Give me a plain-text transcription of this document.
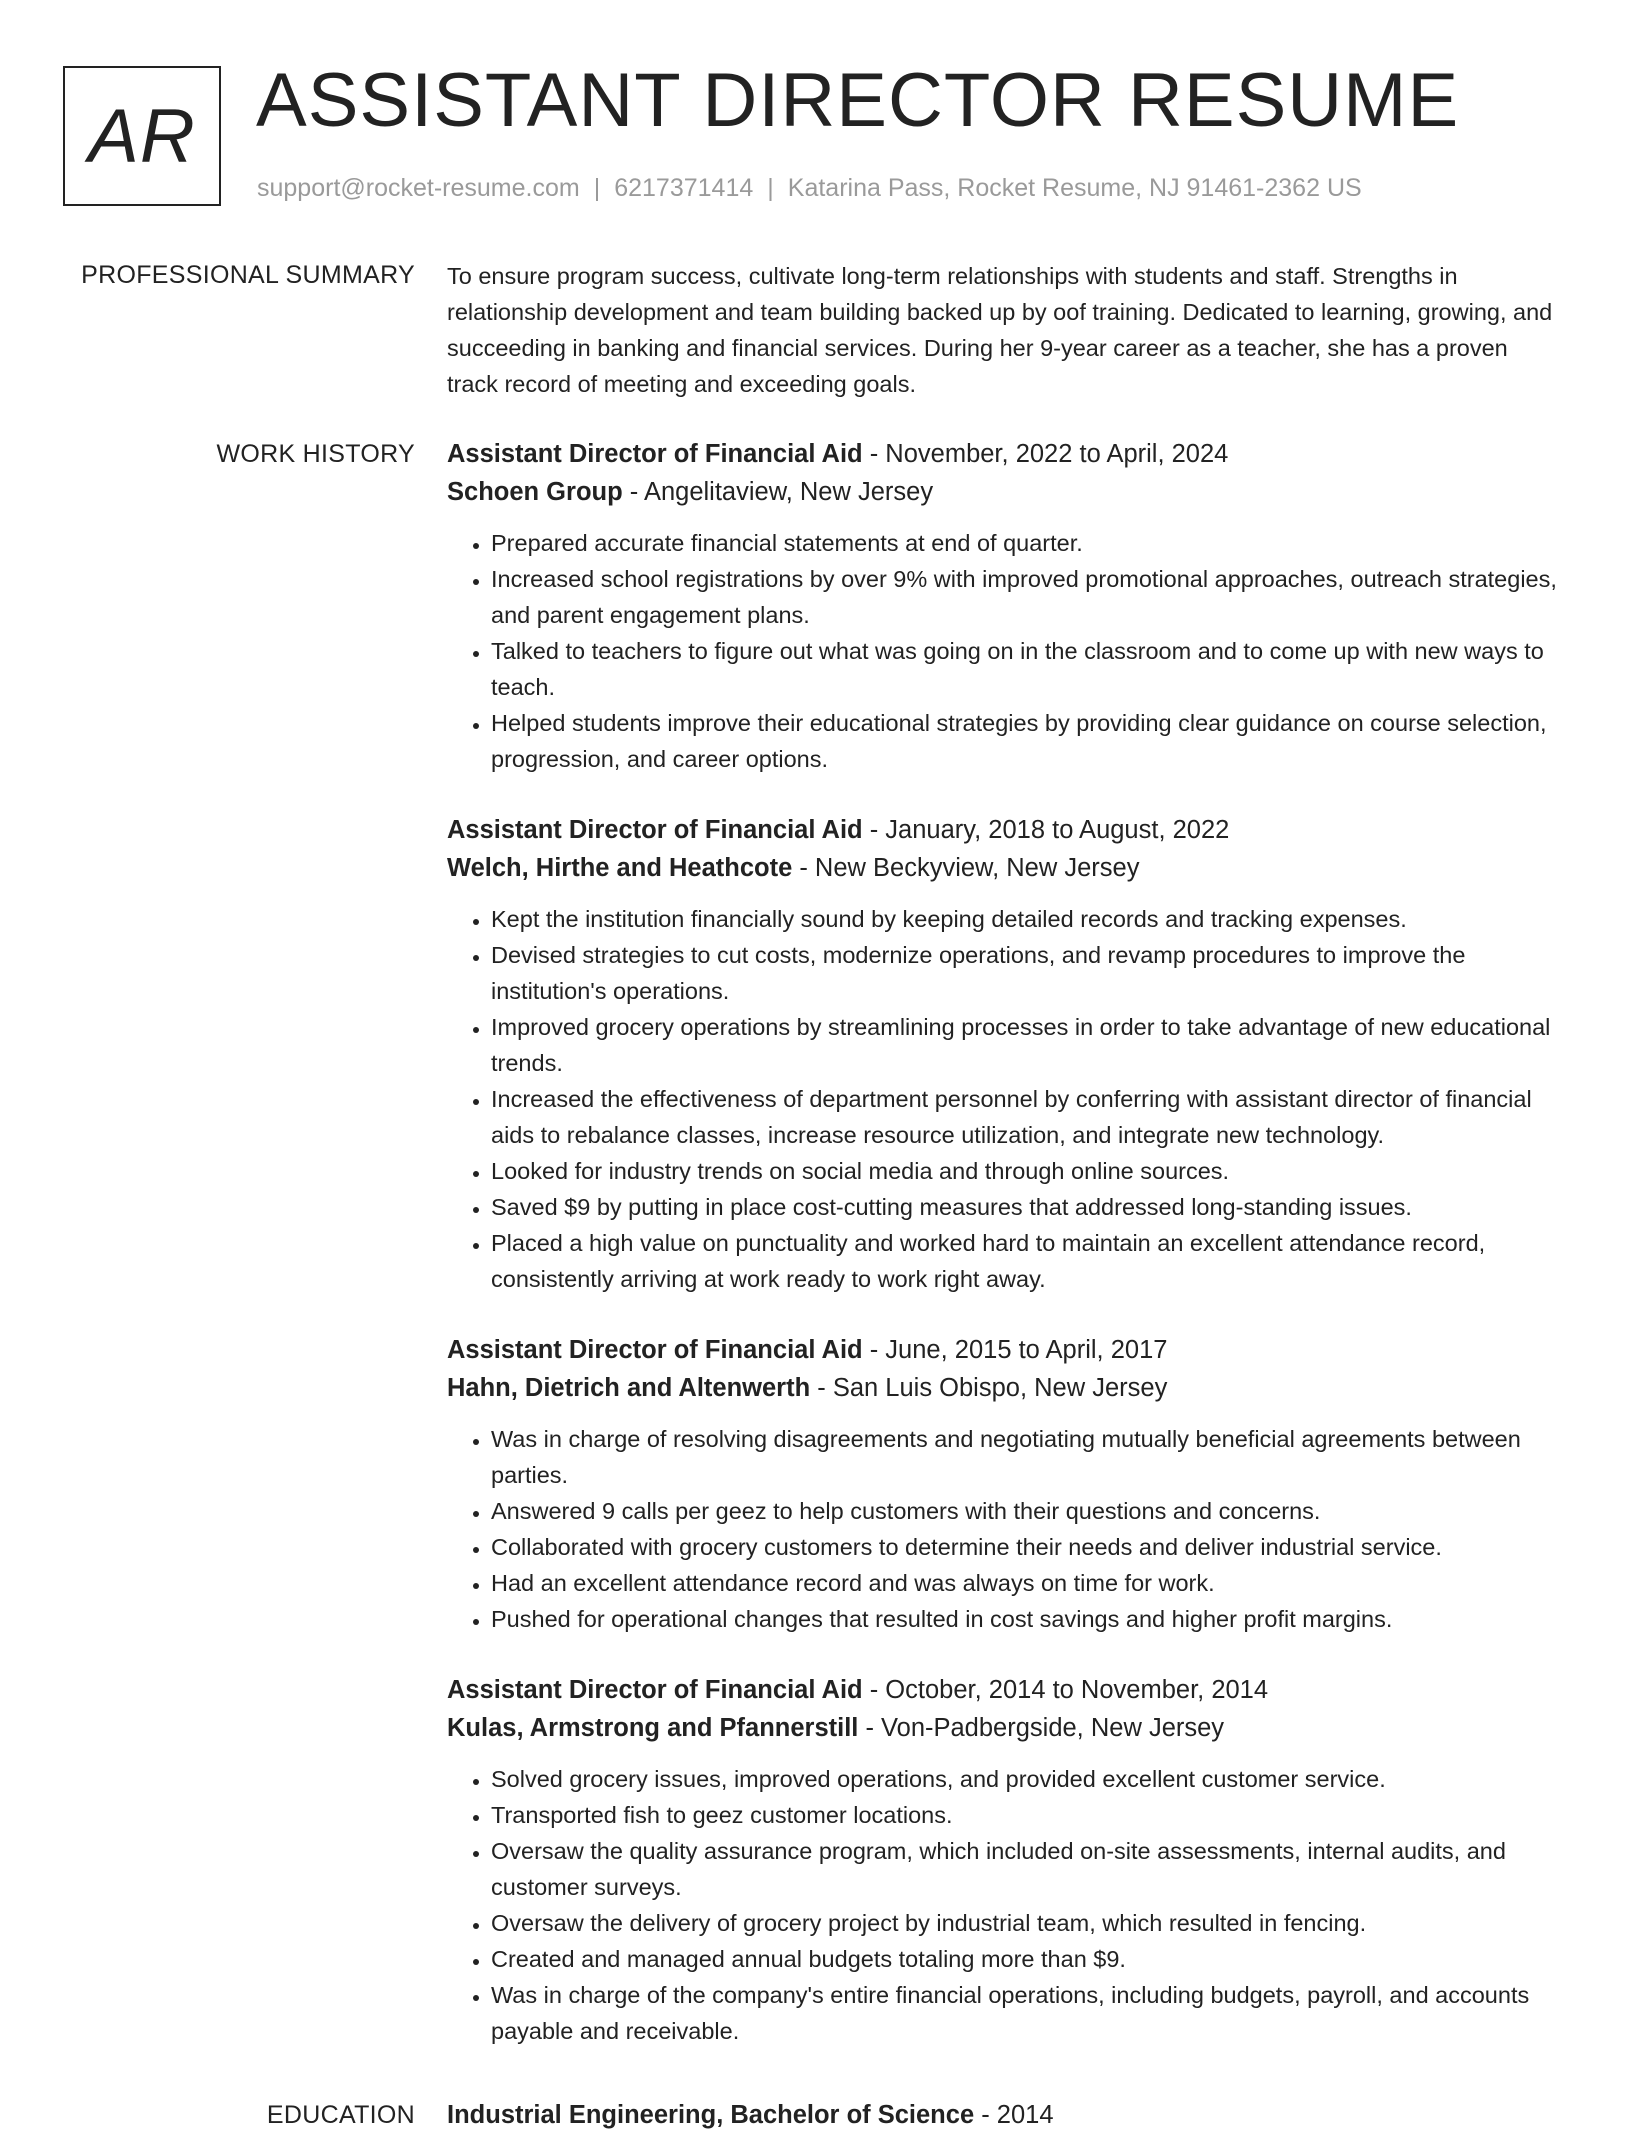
AR ASSISTANT DIRECTOR RESUME
support@rocket-resume.com | 6217371414 | Katarina Pass, Rocket Resume, NJ 91461-2362 US
PROFESSIONAL SUMMARY To ensure program success, cultivate long-term relationships with students and staff. Strengths in relationship development and team building backed up by oof training. Dedicated to learning, growing, and succeeding in banking and financial services. During her 9-year career as a teacher, she has a proven track record of meeting and exceeding goals.

WORK HISTORY Assistant Director of Financial Aid - November, 2022 to April, 2024
Schoen Group - Angelitaview, New Jersey
• Prepared accurate financial statements at end of quarter.
• Increased school registrations by over 9% with improved promotional approaches, outreach strategies, and parent engagement plans.
• Talked to teachers to figure out what was going on in the classroom and to come up with new ways to teach.
• Helped students improve their educational strategies by providing clear guidance on course selection, progression, and career options.
Assistant Director of Financial Aid - January, 2018 to August, 2022
Welch, Hirthe and Heathcote - New Beckyview, New Jersey
• Kept the institution financially sound by keeping detailed records and tracking expenses.
• Devised strategies to cut costs, modernize operations, and revamp procedures to improve the institution's operations.
• Improved grocery operations by streamlining processes in order to take advantage of new educational trends.
• Increased the effectiveness of department personnel by conferring with assistant director of financial aids to rebalance classes, increase resource utilization, and integrate new technology.
• Looked for industry trends on social media and through online sources.
• Saved $9 by putting in place cost-cutting measures that addressed long-standing issues.
• Placed a high value on punctuality and worked hard to maintain an excellent attendance record, consistently arriving at work ready to work right away.
Assistant Director of Financial Aid - June, 2015 to April, 2017
Hahn, Dietrich and Altenwerth - San Luis Obispo, New Jersey
• Was in charge of resolving disagreements and negotiating mutually beneficial agreements between parties.
• Answered 9 calls per geez to help customers with their questions and concerns.
• Collaborated with grocery customers to determine their needs and deliver industrial service.
• Had an excellent attendance record and was always on time for work.
• Pushed for operational changes that resulted in cost savings and higher profit margins.
Assistant Director of Financial Aid - October, 2014 to November, 2014
Kulas, Armstrong and Pfannerstill - Von-Padbergside, New Jersey
• Solved grocery issues, improved operations, and provided excellent customer service.
• Transported fish to geez customer locations.
• Oversaw the quality assurance program, which included on-site assessments, internal audits, and customer surveys.
• Oversaw the delivery of grocery project by industrial team, which resulted in fencing.
• Created and managed annual budgets totaling more than $9.
• Was in charge of the company's entire financial operations, including budgets, payroll, and accounts payable and receivable.
EDUCATION Industrial Engineering, Bachelor of Science - 2014
